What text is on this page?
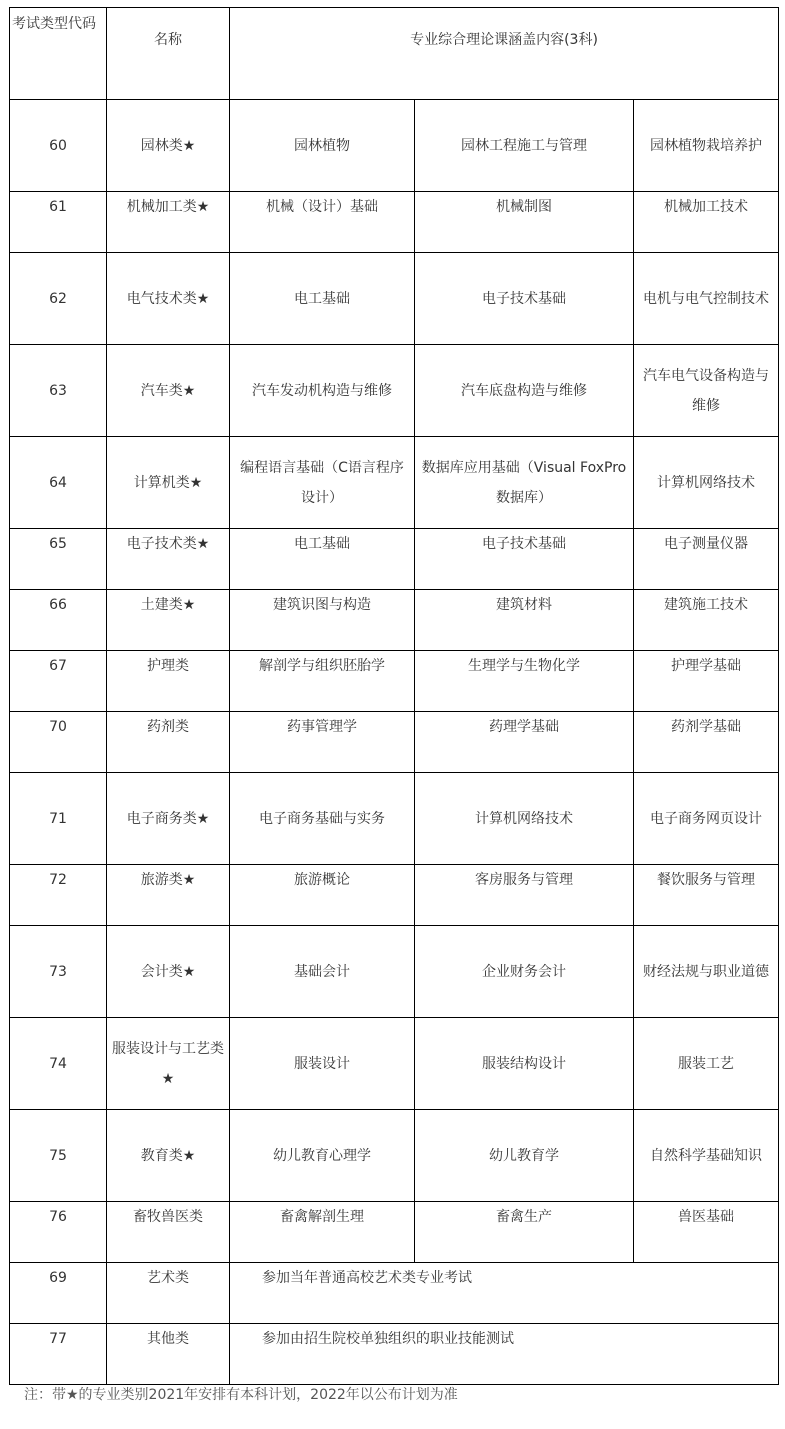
考试类型代码	名称	专业综合理论课涵盖内容(3科)		
60	园林类★	园林植物	园林工程施工与管理	园林植物栽培养护
61	机械加工类★	机械（设计）基础	机械制图	机械加工技术
62	电气技术类★	电工基础	电子技术基础	电机与电气控制技术
63	汽车类★	汽车发动机构造与维修	汽车底盘构造与维修	汽车电气设备构造与维修
64	计算机类★	编程语言基础（C语言程序设计）	数据库应用基础（Visual FoxPro数据库）	计算机网络技术
65	电子技术类★	电工基础	电子技术基础	电子测量仪器
66	土建类★	建筑识图与构造	建筑材料	建筑施工技术
67	护理类	解剖学与组织胚胎学	生理学与生物化学	护理学基础
70	药剂类	药事管理学	药理学基础	药剂学基础
71	电子商务类★	电子商务基础与实务	计算机网络技术	电子商务网页设计
72	旅游类★	旅游概论	客房服务与管理	餐饮服务与管理
73	会计类★	基础会计	企业财务会计	财经法规与职业道德
74	服装设计与工艺类★	服装设计	服装结构设计	服装工艺
75	教育类★	幼儿教育心理学	幼儿教育学	自然科学基础知识
76	畜牧兽医类	畜禽解剖生理	畜禽生产	兽医基础
69	艺术类	参加当年普通高校艺术类专业考试		
77	其他类	参加由招生院校单独组织的职业技能测试		
注：带★的专业类别2021年安排有本科计划，2022年以公布计划为准
